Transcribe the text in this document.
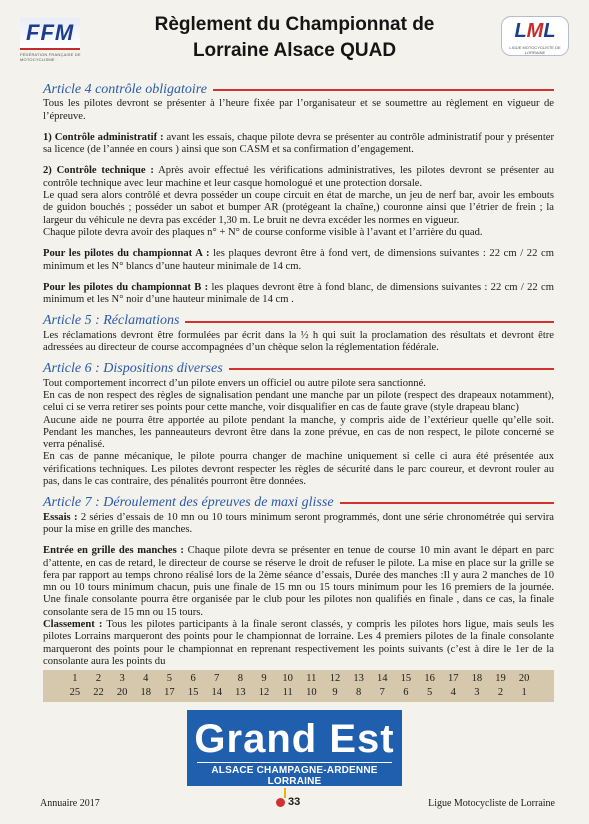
FFM
FÉDÉRATION FRANÇAISE DE MOTOCYCLISME
Règlement du Championnat de
Lorraine Alsace QUAD
LML
LIGUE MOTOCYCLISTE DE LORRAINE
Article 4 contrôle obligatoire

Tous les pilotes devront se présenter à l’heure fixée par l’organisateur et se soumettre au règlement en vigueur de l’épreuve.

1) Contrôle administratif : avant les essais, chaque pilote devra se présenter au contrôle administratif pour y présenter sa licence (de l’année en cours ) ainsi que son CASM et sa confirmation d’engagement.

2) Contrôle technique : Après avoir effectué les vérifications administratives, les pilotes devront se présenter au contrôle technique avec leur machine et leur casque homologué et une protection dorsale.

Le quad sera alors contrôlé et devra posséder un coupe circuit en état de marche, un jeu de nerf bar, avoir les embouts de guidon bouchés ; posséder un sabot et bumper AR (protégeant la chaîne,) couronne ainsi que l’étrier de frein ; la largeur du véhicule ne devra pas excéder 1,30 m. Le bruit ne devra excéder les normes en vigueur.

Chaque pilote devra avoir des plaques n° + N° de course conforme visible à l’avant et l’arrière du quad.

Pour les pilotes du championnat A : les plaques devront être à fond vert, de dimensions suivantes : 22 cm / 22 cm minimum et les N° blancs d’une hauteur minimale de 14 cm.

Pour les pilotes du championnat B : les plaques devront être à fond blanc, de dimensions suivantes : 22 cm / 22 cm minimum et les N° noir d’une hauteur minimale de 14 cm .

Article 5 : Réclamations

Les réclamations devront être formulées par écrit dans la ½ h qui suit la proclamation des résultats et devront être adressées au directeur de course accompagnées d’un chèque selon la réglementation fédérale.

Article 6 : Dispositions diverses

Tout comportement incorrect d’un pilote envers un officiel ou autre pilote sera sanctionné.

En cas de non respect des règles de signalisation pendant une manche par un pilote (respect des drapeaux notamment), celui ci se verra retirer ses points pour cette manche, voir disqualifier en cas de faute grave (style drapeau blanc)

Aucune aide ne pourra être apportée au pilote pendant la manche, y compris aide de l’extérieur quelle qu’elle soit. Pendant les manches, les panneauteurs devront être dans la zone prévue, en cas de non respect, le pilote concerné se verra pénalisé.

En cas de panne mécanique, le pilote pourra changer de machine uniquement si celle ci aura été présentée aux vérifications techniques. Les pilotes devront respecter les règles de sécurité dans le parc coureur, et devront rouler au pas, dans le cas contraire, des pénalités pourront être données.

Article 7 : Déroulement des épreuves de maxi glisse

Essais : 2 séries d’essais de 10 mn ou 10 tours minimum seront programmés, dont une série chronométrée qui servira pour la mise en grille des manches.

Entrée en grille des manches : Chaque pilote devra se présenter en tenue de course 10 min avant le départ en parc d’attente, en cas de retard, le directeur de course se réserve le droit de refuser le pilote. La mise en place sur la grille se fera par rapport au temps chrono réalisé lors de la 2ème séance d’essais, Durée des manches :Il y aura 2 manches de 10 mn ou 10 tours minimum chacun, puis une finale de 15 mn ou 15 tours minimum pour les 16 premiers de la journée. Une finale consolante pourra être organisée par le club pour les pilotes non qualifiés en finale , dans ce cas, la finale consolante sera de 15 mn ou 15 tours.

Classement : Tous les pilotes participants à la finale seront classés, y compris les pilotes hors ligue, mais seuls les pilotes Lorrains marqueront des points pour le championnat de lorraine. Les 4 premiers pilotes de la finale consolante marqueront des points pour le championnat en reprenant respectivement les points suivants (c’est à dire le 1er de la consolante aura les points du

1	2	3	4	5	6	7	8	9	10	11	12	13	14	15	16	17	18	19	20
25	22	20	18	17	15	14	13	12	11	10	9	8	7	6	5	4	3	2	1
Grand Est
ALSACE CHAMPAGNE-ARDENNE LORRAINE
Annuaire 2017	33	Ligue Motocycliste de Lorraine
